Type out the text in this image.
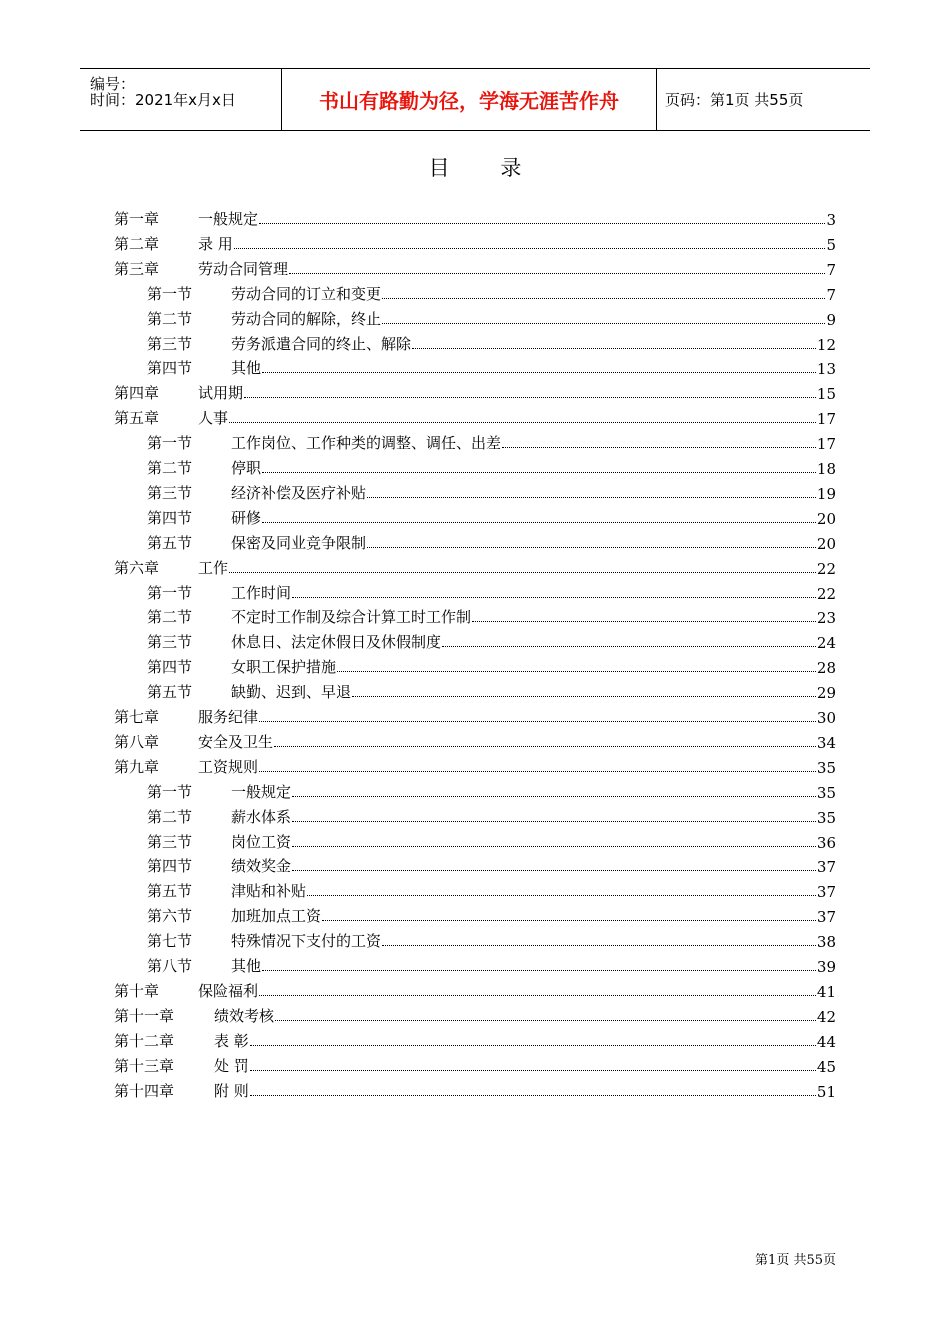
编号：
时间：2021年x月x日	书山有路勤为径，学海无涯苦作舟	页码：第1页 共55页
目 录
第一章	一般规定	3
第二章	录 用	5
第三章	劳动合同管理	7
第一节	劳动合同的订立和变更	7
第二节	劳动合同的解除，终止	9
第三节	劳务派遣合同的终止、解除	12
第四节	其他	13
第四章	试用期	15
第五章	人事	17
第一节	工作岗位、工作种类的调整、调任、出差	17
第二节	停职	18
第三节	经济补偿及医疗补贴	19
第四节	研修	20
第五节	保密及同业竞争限制	20
第六章	工作	22
第一节	工作时间	22
第二节	不定时工作制及综合计算工时工作制	23
第三节	休息日、法定休假日及休假制度	24
第四节	女职工保护措施	28
第五节	缺勤、迟到、早退	29
第七章	服务纪律	30
第八章	安全及卫生	34
第九章	工资规则	35
第一节	一般规定	35
第二节	薪水体系	35
第三节	岗位工资	36
第四节	绩效奖金	37
第五节	津贴和补贴	37
第六节	加班加点工资	37
第七节	特殊情况下支付的工资	38
第八节	其他	39
第十章	保险福利	41
第十一章	绩效考核	42
第十二章	表 彰	44
第十三章	处 罚	45
第十四章	附 则	51
第1页 共55页
